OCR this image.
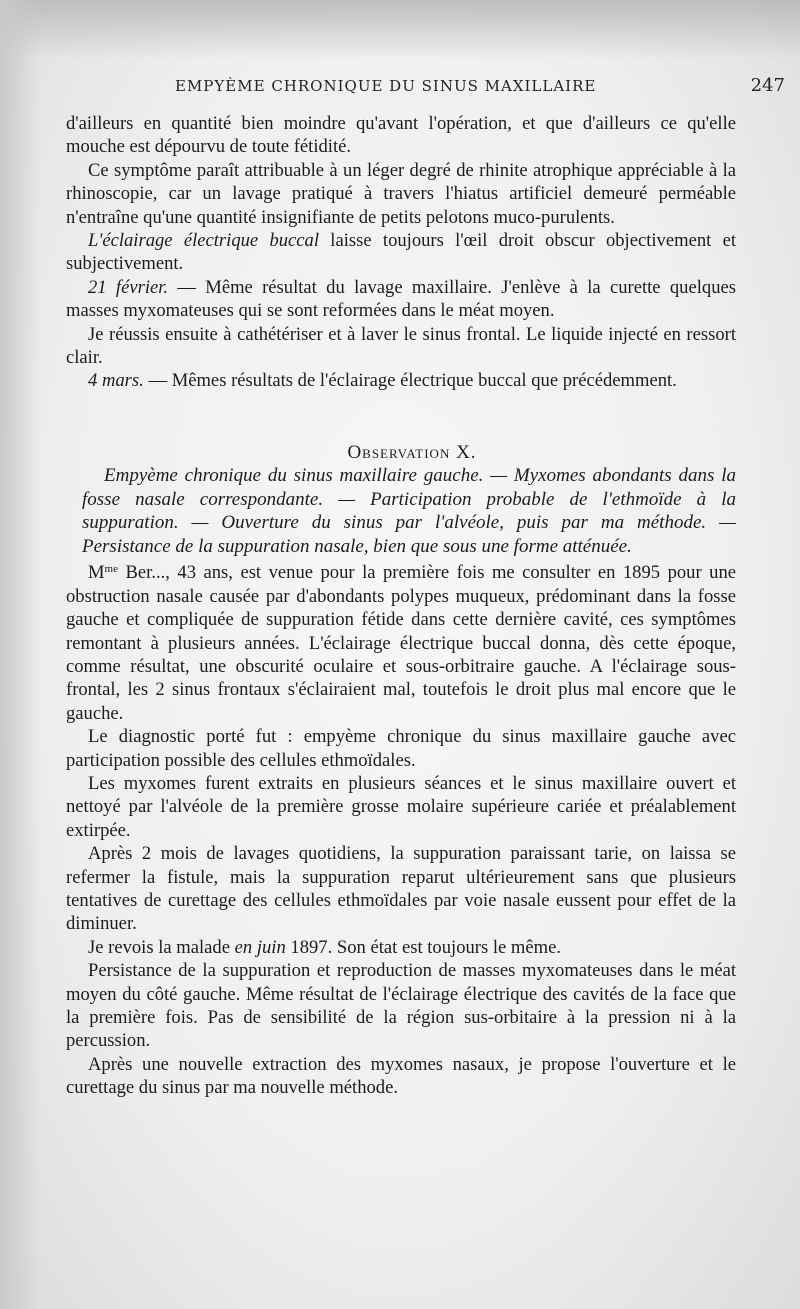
EMPYÈME CHRONIQUE DU SINUS MAXILLAIRE	247

d'ailleurs en quantité bien moindre qu'avant l'opération, et que d'ailleurs ce qu'elle mouche est dépourvu de toute fétidité.

Ce symptôme paraît attribuable à un léger degré de rhinite atrophique appréciable à la rhinoscopie, car un lavage pratiqué à travers l'hiatus artificiel demeuré perméable n'entraîne qu'une quantité insignifiante de petits pelotons muco-purulents.

L'éclairage électrique buccal laisse toujours l'œil droit obscur objectivement et subjectivement.

21 février. — Même résultat du lavage maxillaire. J'enlève à la curette quelques masses myxomateuses qui se sont reformées dans le méat moyen.

Je réussis ensuite à cathétériser et à laver le sinus frontal. Le liquide injecté en ressort clair.

4 mars. — Mêmes résultats de l'éclairage électrique buccal que précédemment.

Observation X.

Empyème chronique du sinus maxillaire gauche. — Myxomes abondants dans la fosse nasale correspondante. — Participation probable de l'ethmoïde à la suppuration. — Ouverture du sinus par l'alvéole, puis par ma méthode. — Persistance de la suppuration nasale, bien que sous une forme atténuée.

$M^{me}$ Ber..., 43 ans, est venue pour la première fois me consulter en 1895 pour une obstruction nasale causée par d'abondants polypes muqueux, prédominant dans la fosse gauche et compliquée de suppuration fétide dans cette dernière cavité, ces symptômes remontant à plusieurs années. L'éclairage électrique buccal donna, dès cette époque, comme résultat, une obscurité oculaire et sous-orbitraire gauche. A l'éclairage sous-frontal, les 2 sinus frontaux s'éclairaient mal, toutefois le droit plus mal encore que le gauche.

Le diagnostic porté fut : empyème chronique du sinus maxillaire gauche avec participation possible des cellules ethmoïdales.

Les myxomes furent extraits en plusieurs séances et le sinus maxillaire ouvert et nettoyé par l'alvéole de la première grosse molaire supérieure cariée et préalablement extirpée.

Après 2 mois de lavages quotidiens, la suppuration paraissant tarie, on laissa se refermer la fistule, mais la suppuration reparut ultérieurement sans que plusieurs tentatives de curettage des cellules ethmoïdales par voie nasale eussent pour effet de la diminuer.

Je revois la malade en juin 1897. Son état est toujours le même.

Persistance de la suppuration et reproduction de masses myxomateuses dans le méat moyen du côté gauche. Même résultat de l'éclairage électrique des cavités de la face que la première fois. Pas de sensibilité de la région sus-orbitaire à la pression ni à la percussion.

Après une nouvelle extraction des myxomes nasaux, je propose l'ouverture et le curettage du sinus par ma nouvelle méthode.
